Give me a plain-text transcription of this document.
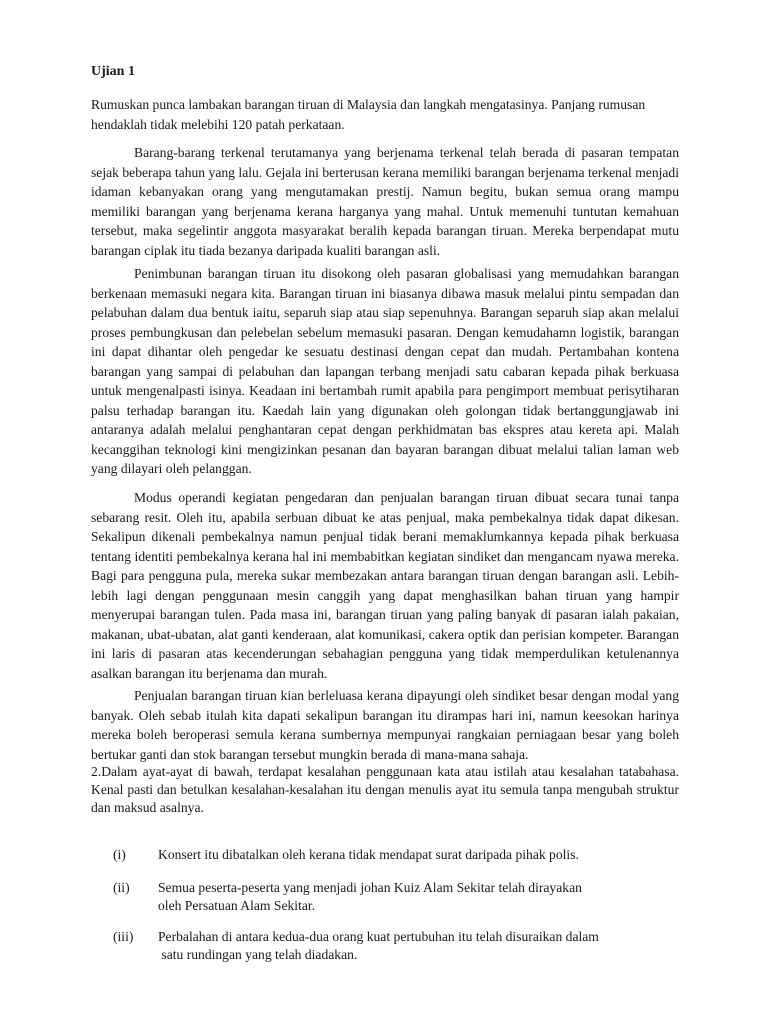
Ujian 1
Rumuskan punca lambakan barangan tiruan di Malaysia dan langkah mengatasinya. Panjang rumusan hendaklah tidak melebihi 120 patah perkataan.
Barang-barang terkenal terutamanya yang berjenama terkenal telah berada di pasaran tempatan sejak beberapa tahun yang lalu. Gejala ini berterusan kerana memiliki barangan berjenama terkenal menjadi idaman kebanyakan orang yang mengutamakan prestij. Namun begitu, bukan semua orang mampu memiliki barangan yang berjenama kerana harganya yang mahal. Untuk memenuhi tuntutan kemahuan tersebut, maka segelintir anggota masyarakat beralih kepada barangan tiruan. Mereka berpendapat mutu barangan ciplak itu tiada bezanya daripada kualiti barangan asli.
Penimbunan barangan tiruan itu disokong oleh pasaran globalisasi yang memudahkan barangan berkenaan memasuki negara kita. Barangan tiruan ini biasanya dibawa masuk melalui pintu sempadan dan pelabuhan dalam dua bentuk iaitu, separuh siap atau siap sepenuhnya. Barangan separuh siap akan melalui proses pembungkusan dan pelebelan sebelum memasuki pasaran. Dengan kemudahamn logistik, barangan ini dapat dihantar oleh pengedar ke sesuatu destinasi dengan cepat dan mudah. Pertambahan kontena barangan yang sampai di pelabuhan dan lapangan terbang menjadi satu cabaran kepada pihak berkuasa untuk mengenalpasti isinya. Keadaan ini bertambah rumit apabila para pengimport membuat perisytiharan palsu terhadap barangan itu. Kaedah lain yang digunakan oleh golongan tidak bertanggungjawab ini antaranya adalah melalui penghantaran cepat dengan perkhidmatan bas ekspres atau kereta api. Malah kecanggihan teknologi kini mengizinkan pesanan dan bayaran barangan dibuat melalui talian laman web yang dilayari oleh pelanggan.
Modus operandi kegiatan pengedaran dan penjualan barangan tiruan dibuat secara tunai tanpa sebarang resit. Oleh itu, apabila serbuan dibuat ke atas penjual, maka pembekalnya tidak dapat dikesan. Sekalipun dikenali pembekalnya namun penjual tidak berani memaklumkannya kepada pihak berkuasa tentang identiti pembekalnya kerana hal ini membabitkan kegiatan sindiket dan mengancam nyawa mereka. Bagi para pengguna pula, mereka sukar membezakan antara barangan tiruan dengan barangan asli. Lebih-lebih lagi dengan penggunaan mesin canggih yang dapat menghasilkan bahan tiruan yang hampir menyerupai barangan tulen. Pada masa ini, barangan tiruan yang paling banyak di pasaran ialah pakaian, makanan, ubat-ubatan, alat ganti kenderaan, alat komunikasi, cakera optik dan perisian kompeter. Barangan ini laris di pasaran atas kecenderungan sebahagian pengguna yang tidak memperdulikan ketulenannya asalkan barangan itu berjenama dan murah.
Penjualan barangan tiruan kian berleluasa kerana dipayungi oleh sindiket besar dengan modal yang banyak. Oleh sebab itulah kita dapati sekalipun barangan itu dirampas hari ini, namun keesokan harinya mereka boleh beroperasi semula kerana sumbernya mempunyai rangkaian perniagaan besar yang boleh bertukar ganti dan stok barangan tersebut mungkin berada di mana-mana sahaja.
2.Dalam ayat-ayat di bawah, terdapat kesalahan penggunaan kata atau istilah atau kesalahan tatabahasa. Kenal pasti dan betulkan kesalahan-kesalahan itu dengan menulis ayat itu semula tanpa mengubah struktur dan maksud asalnya.
(i) Konsert itu dibatalkan oleh kerana tidak mendapat surat daripada pihak polis.
(ii) Semua peserta-peserta yang menjadi johan Kuiz Alam Sekitar telah dirayakan
oleh Persatuan Alam Sekitar.
(iii) Perbalahan di antara kedua-dua orang kuat pertubuhan itu telah disuraikan dalam
satu rundingan yang telah diadakan.
